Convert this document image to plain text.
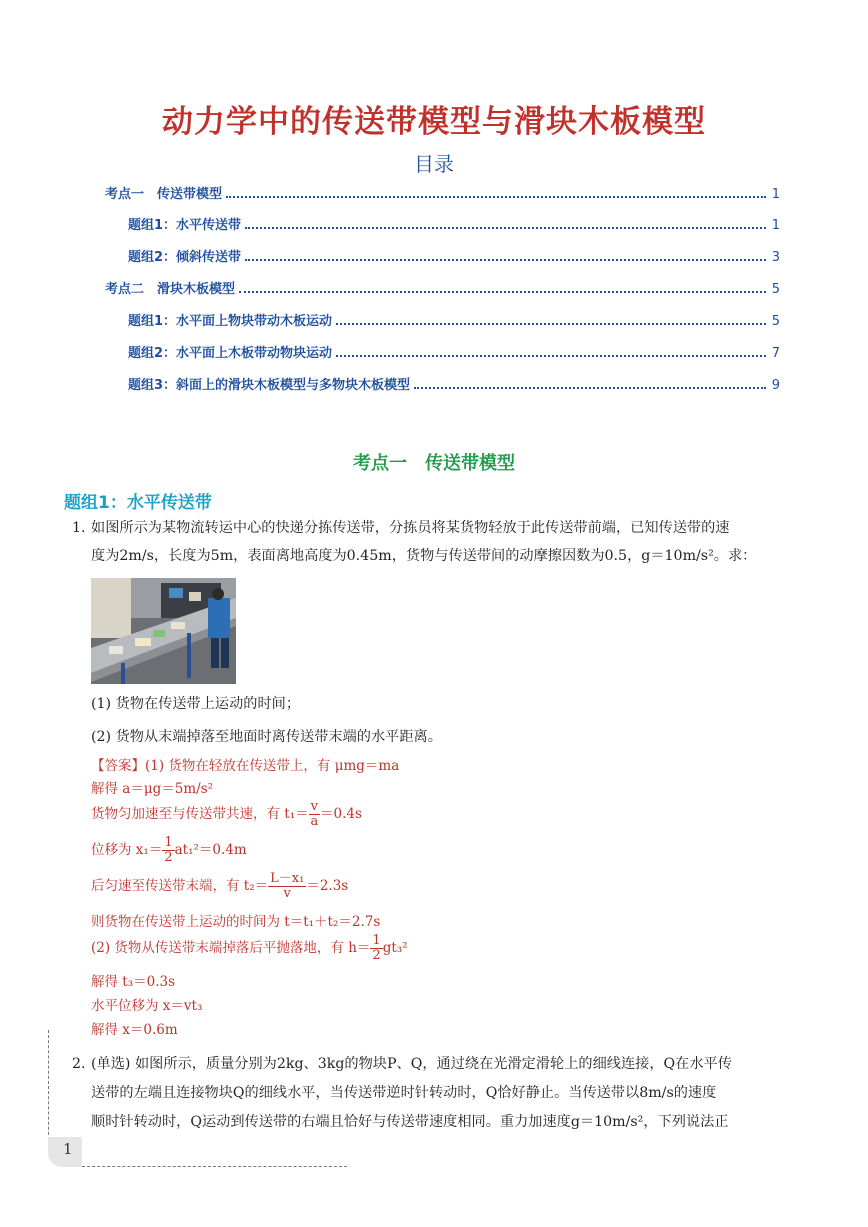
动力学中的传送带模型与滑块木板模型
目录
考点一　传送带模型	1
题组1：水平传送带	1
题组2：倾斜传送带	3
考点二　滑块木板模型	5
题组1：水平面上物块带动木板运动	5
题组2：水平面上木板带动物块运动	7
题组3：斜面上的滑块木板模型与多物块木板模型	9
考点一　传送带模型
题组1：水平传送带
1. 如图所示为某物流转运中心的快递分拣传送带，分拣员将某货物轻放于此传送带前端，已知传送带的速
度为2m/s，长度为5m，表面离地高度为0.45m，货物与传送带间的动摩擦因数为0.5，g＝10m/s²。求：
(1) 货物在传送带上运动的时间；
(2) 货物从末端掉落至地面时离传送带末端的水平距离。
【答案】(1) 货物在轻放在传送带上，有 μmg＝ma
解得 a＝μg＝5m/s²
货物匀加速至与传送带共速，有 $t_1= \frac{v}{a} =0.4s$
位移为 $x_1= \frac{1}{2} at_1^2=0.4m$
后匀速至传送带末端，有 $t_2= \frac{\text{L－x₁}}{v} =2.3s$
则货物在传送带上运动的时间为 t＝t₁＋t₂＝2.7s
(2) 货物从传送带末端掉落后平抛落地，有 $h= \frac{1}{2} gt_3^2$
解得 t₃＝0.3s
水平位移为 x＝vt₃
解得 x＝0.6m
2. (单选) 如图所示，质量分别为2kg、3kg的物块P、Q，通过绕在光滑定滑轮上的细线连接，Q在水平传
送带的左端且连接物块Q的细线水平，当传送带逆时针转动时，Q恰好静止。当传送带以8m/s的速度
顺时针转动时，Q运动到传送带的右端且恰好与传送带速度相同。重力加速度g＝10m/s²，下列说法正
1
